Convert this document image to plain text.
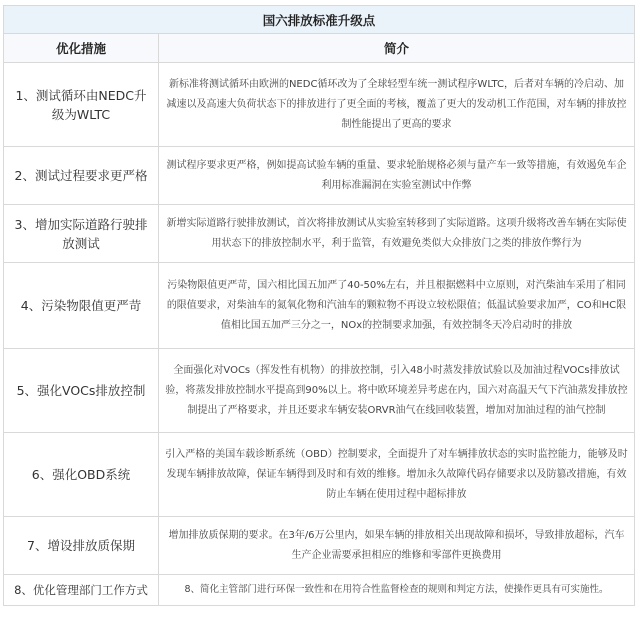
国六排放标准升级点
优化措施	简介
1、测试循环由NEDC升级为WLTC
新标准将测试循环由欧洲的NEDC循环改为了全球轻型车统一测试程序WLTC，后者对车辆的冷启动、加减速以及高速大负荷状态下的排放进行了更全面的考核，覆盖了更大的发动机工作范围，对车辆的排放控制性能提出了更高的要求
2、测试过程要求更严格
测试程序要求更严格，例如提高试验车辆的重量、要求轮胎规格必须与量产车一致等措施，有效遏免车企利用标准漏洞在实验室测试中作弊
3、增加实际道路行驶排放测试
新增实际道路行驶排放测试，首次将排放测试从实验室转移到了实际道路。这项升级将改善车辆在实际使用状态下的排放控制水平，利于监管，有效避免类似大众排放门之类的排放作弊行为
4、污染物限值更严苛
污染物限值更严苛，国六相比国五加严了40-50%左右，并且根据燃料中立原则，对汽柴油车采用了相同的限值要求，对柴油车的氮氧化物和汽油车的颗粒物不再设立较松限值；低温试验要求加严，CO和HC限值相比国五加严三分之一，NOx的控制要求加强，有效控制冬天冷启动时的排放
5、强化VOCs排放控制
全面强化对VOCs（挥发性有机物）的排放控制，引入48小时蒸发排放试验以及加油过程VOCs排放试验，将蒸发排放控制水平提高到90%以上。将中欧环境差异考虑在内，国六对高温天气下汽油蒸发排放控制提出了严格要求，并且还要求车辆安装ORVR油气在线回收装置，增加对加油过程的油气控制
6、强化OBD系统
引入严格的美国车载诊断系统（OBD）控制要求，全面提升了对车辆排放状态的实时监控能力，能够及时发现车辆排放故障，保证车辆得到及时和有效的维修。增加永久故障代码存储要求以及防篡改措施，有效防止车辆在使用过程中超标排放
7、增设排放质保期
增加排放质保期的要求。在3年/6万公里内，如果车辆的排放相关出现故障和损坏，导致排放超标，汽车生产企业需要承担相应的维修和零部件更换费用
8、优化管理部门工作方式	8、简化主管部门进行环保一致性和在用符合性监督检查的规则和判定方法，使操作更具有可实施性。
